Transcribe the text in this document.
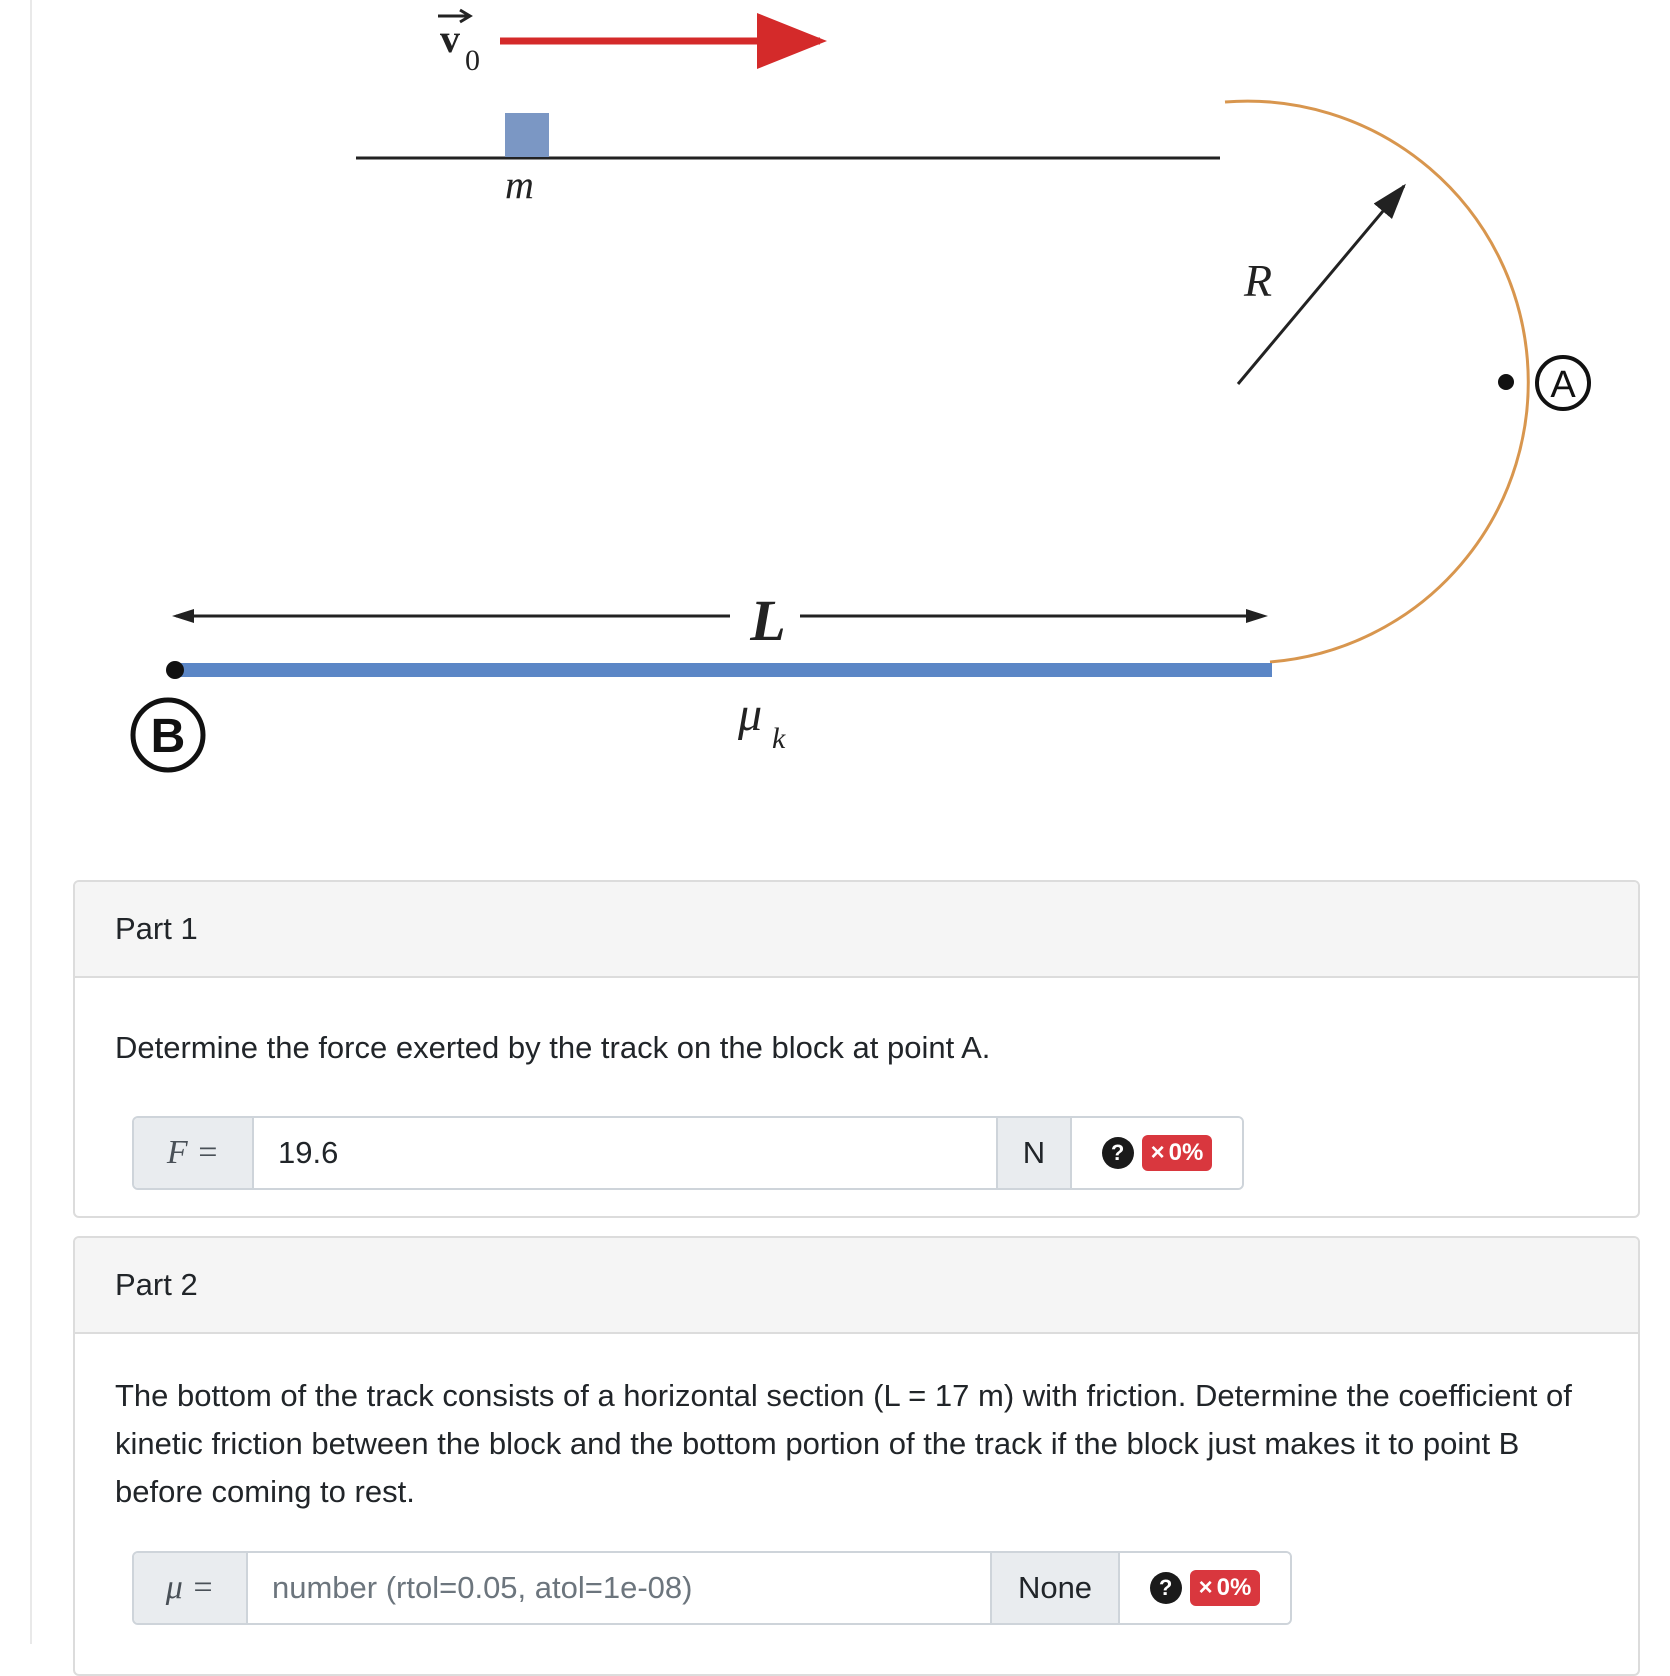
v 0
m
R
A
L
μ k
B
Part 1

Determine the force exerted by the track on the block at point A.

F =
19.6	N	?	× 0%
Part 2

The bottom of the track consists of a horizontal section (L = 17 m) with friction. Determine the coefficient of kinetic friction between the block and the bottom portion of the track if the block just makes it to point B before coming to rest.

μ =
number (rtol=0.05, atol=1e-08)	None	?	× 0%
